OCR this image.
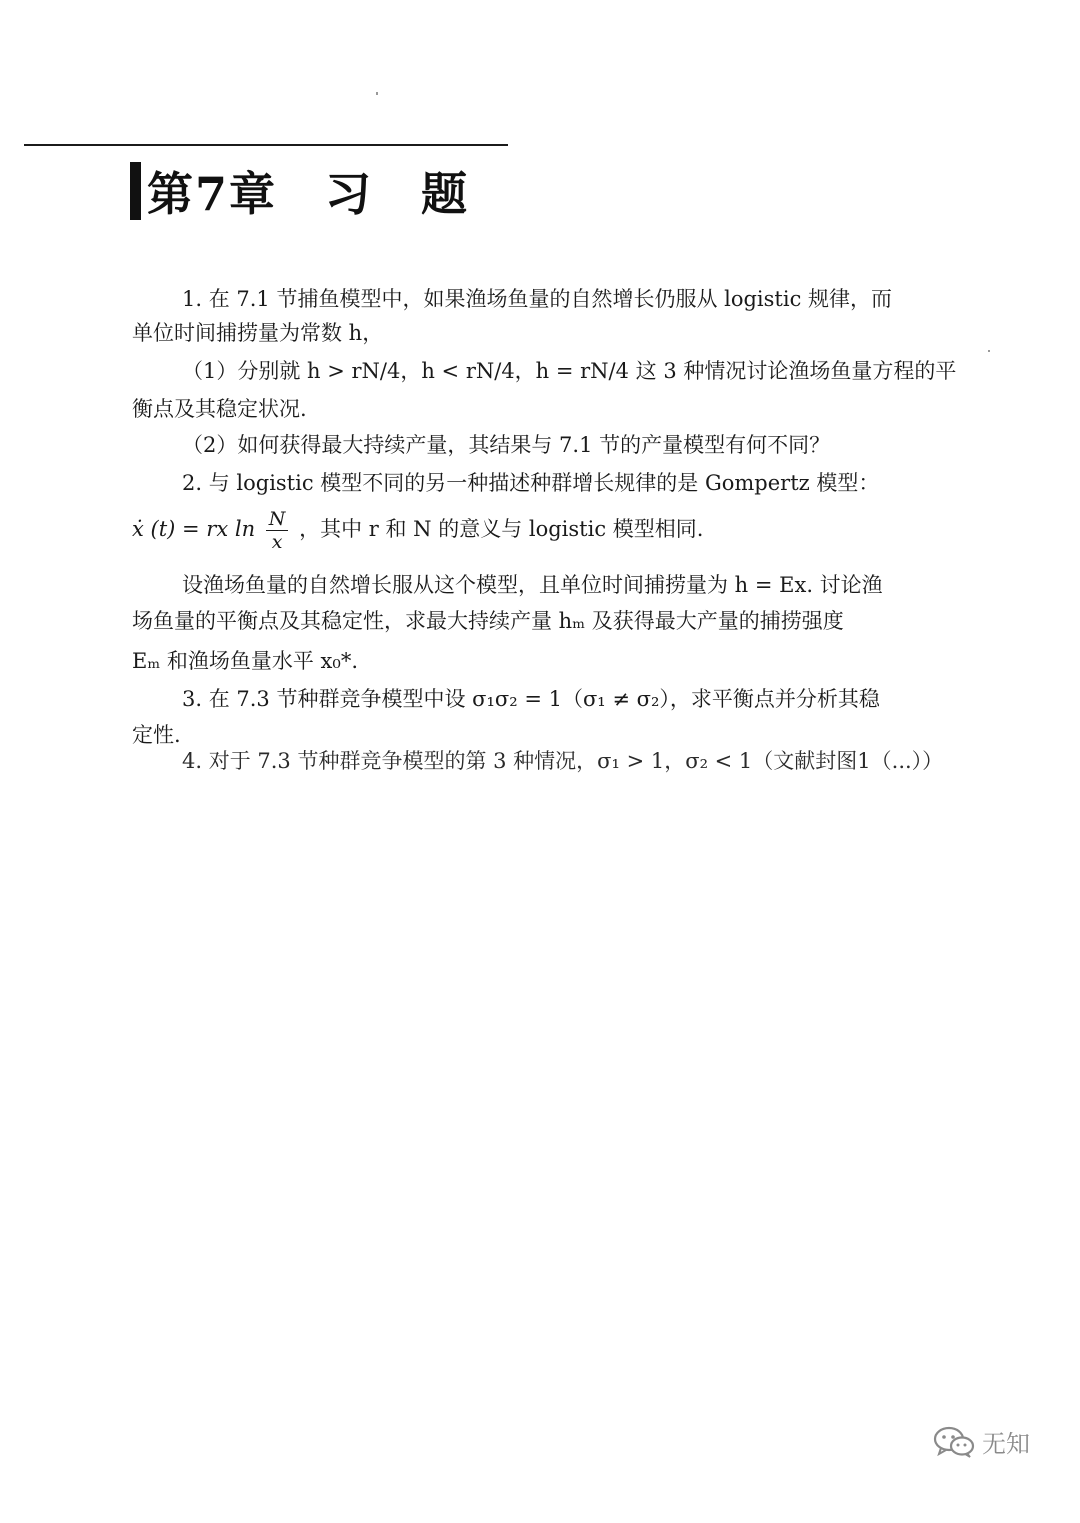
第7章　习　题
1. 在 7.1 节捕鱼模型中，如果渔场鱼量的自然增长仍服从 logistic 规律，而
单位时间捕捞量为常数 h，
（1）分别就 h > rN/4，h < rN/4，h = rN/4 这 3 种情况讨论渔场鱼量方程的平
衡点及其稳定状况.
（2）如何获得最大持续产量，其结果与 7.1 节的产量模型有何不同？
2. 与 logistic 模型不同的另一种描述种群增长规律的是 Gompertz 模型：
ẋ (t) = rx $\ln \frac{N}{x}$ ，其中 r 和 N 的意义与 logistic 模型相同.
设渔场鱼量的自然增长服从这个模型，且单位时间捕捞量为 h = Ex. 讨论渔
场鱼量的平衡点及其稳定性，求最大持续产量 hₘ 及获得最大产量的捕捞强度
Eₘ 和渔场鱼量水平 x₀*.
3. 在 7.3 节种群竞争模型中设 σ₁σ₂ = 1（σ₁ ≠ σ₂），求平衡点并分析其稳
定性.
4. 对于 7.3 节种群竞争模型的第 3 种情况，σ₁ > 1，σ₂ < 1（文献封图1（...））
无知
